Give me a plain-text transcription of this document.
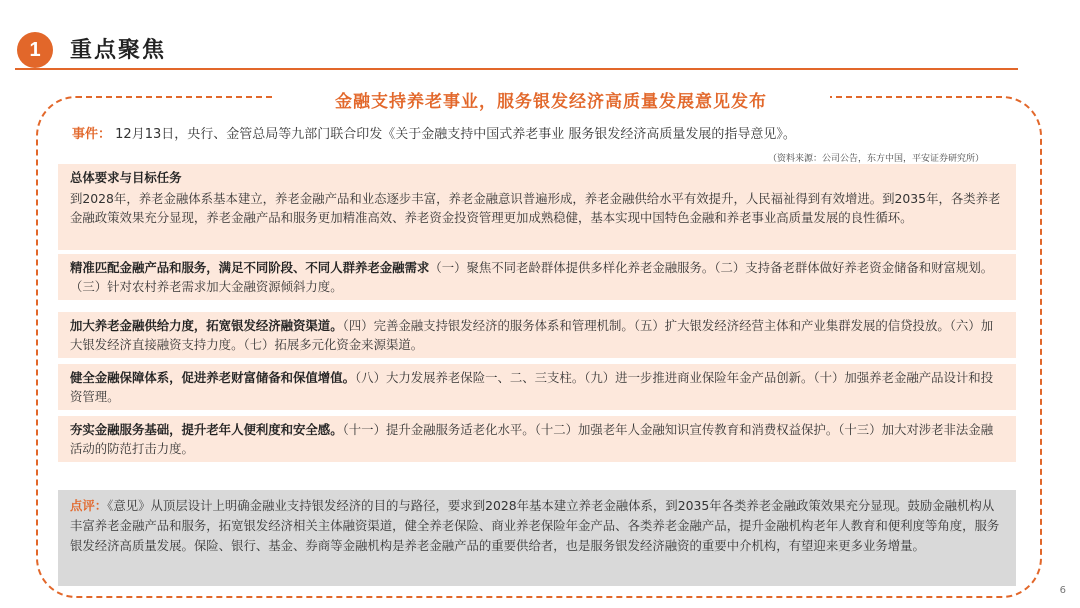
1	重点聚焦
金融支持养老事业，服务银发经济高质量发展意见发布
事件： 12月13日，央行、金管总局等九部门联合印发《关于金融支持中国式养老事业 服务银发经济高质量发展的指导意见》。
（资料来源：公司公告，东方中国，平安证券研究所）
总体要求与目标任务
到2028年，养老金融体系基本建立，养老金融产品和业态逐步丰富，养老金融意识普遍形成，养老金融供给水平有效提升，人民福祉得到有效增进。到2035年，各类养老金融政策效果充分显现，养老金融产品和服务更加精准高效、养老资金投资管理更加成熟稳健，基本实现中国特色金融和养老事业高质量发展的良性循环。
精准匹配金融产品和服务，满足不同阶段、不同人群养老金融需求（一）聚焦不同老龄群体提供多样化养老金融服务。（二）支持备老群体做好养老资金储备和财富规划。（三）针对农村养老需求加大金融资源倾斜力度。
加大养老金融供给力度，拓宽银发经济融资渠道。（四）完善金融支持银发经济的服务体系和管理机制。（五）扩大银发经济经营主体和产业集群发展的信贷投放。（六）加大银发经济直接融资支持力度。（七）拓展多元化资金来源渠道。
健全金融保障体系，促进养老财富储备和保值增值。（八）大力发展养老保险一、二、三支柱。（九）进一步推进商业保险年金产品创新。（十）加强养老金融产品设计和投资管理。
夯实金融服务基础，提升老年人便利度和安全感。（十一）提升金融服务适老化水平。（十二）加强老年人金融知识宣传教育和消费权益保护。（十三）加大对涉老非法金融活动的防范打击力度。
点评：《意见》从顶层设计上明确金融业支持银发经济的目的与路径，要求到2028年基本建立养老金融体系，到2035年各类养老金融政策效果充分显现。鼓励金融机构从丰富养老金融产品和服务，拓宽银发经济相关主体融资渠道，健全养老保险、商业养老保险年金产品、各类养老金融产品，提升金融机构老年人教育和便利度等角度，服务银发经济高质量发展。保险、银行、基金、券商等金融机构是养老金融产品的重要供给者，也是服务银发经济融资的重要中介机构，有望迎来更多业务增量。
6
